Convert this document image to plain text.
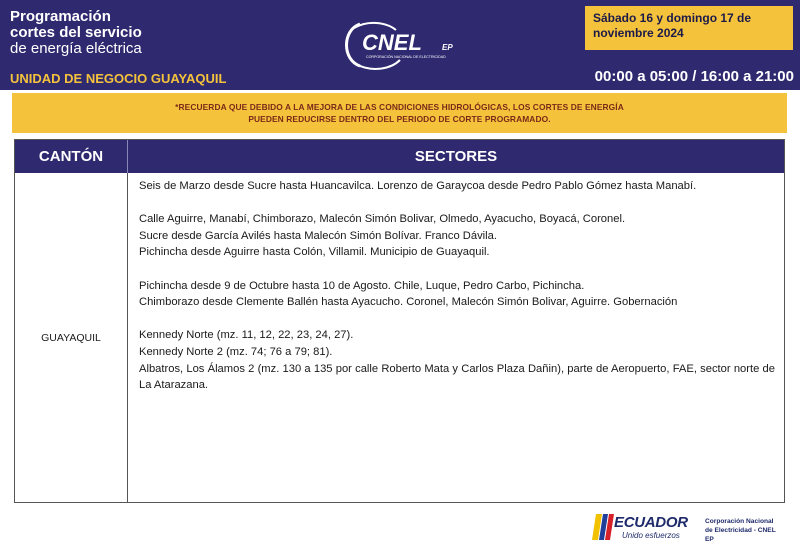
Programación
cortes del servicio
de energía eléctrica
UNIDAD DE NEGOCIO GUAYAQUIL
CNEL	EP
CORPORACIÓN NACIONAL DE ELECTRICIDAD
Sábado 16 y domingo 17 de
noviembre 2024
00:00 a 05:00 / 16:00 a 21:00
*RECUERDA QUE DEBIDO A LA MEJORA DE LAS CONDICIONES HIDROLÓGICAS, LOS CORTES DE ENERGÍA
PUEDEN REDUCIRSE DENTRO DEL PERIODO DE CORTE PROGRAMADO.
CANTÓN	SECTORES
GUAYAQUIL

Seis de Marzo desde Sucre hasta Huancavilca. Lorenzo de Garaycoa desde Pedro Pablo Gómez hasta Manabí.

Calle Aguirre, Manabí, Chimborazo, Malecón Simón Bolivar, Olmedo, Ayacucho, Boyacá, Coronel.
Sucre desde García Avilés hasta Malecón Simón Bolívar. Franco Dávila.
Pichincha desde Aguirre hasta Colón, Villamil. Municipio de Guayaquil.

Pichincha desde 9 de Octubre hasta 10 de Agosto. Chile, Luque, Pedro Carbo, Pichincha.
Chimborazo desde Clemente Ballén hasta Ayacucho. Coronel, Malecón Simón Bolivar, Aguirre. Gobernación

Kennedy Norte (mz. 11, 12, 22, 23, 24, 27).
Kennedy Norte 2 (mz. 74; 76 a 79; 81).
Albatros, Los Álamos 2 (mz. 130 a 135 por calle Roberto Mata y Carlos Plaza Dañin), parte de Aeropuerto, FAE, sector norte de La Atarazana.

ECUADOR
Unido esfuerzos
Corporación Nacional
de Electricidad - CNEL EP
